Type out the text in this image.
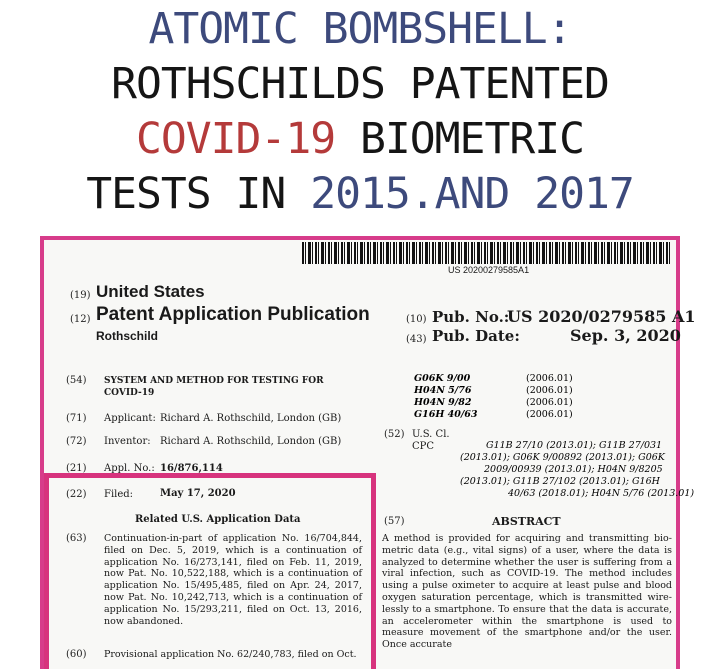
ATOMIC BOMBSHELL:
ROTHSCHILDS PATENTED
COVID-19 BIOMETRIC
TESTS IN 2015.AND 2017
US 20200279585A1
(19) United States
(12) Patent Application Publication
Rothschild
(10) Pub. No.:
US 2020/0279585 A1
(43) Pub. Date:	Sep. 3, 2020
(54) SYSTEM AND METHOD FOR TESTING FOR
COVID-19
(71) Applicant: Richard A. Rothschild, London (GB)
(72) Inventor: Richard A. Rothschild, London (GB)
(21) Appl. No.: 16/876,114
(22) Filed:	May 17, 2020
Related U.S. Application Data
(63) Continuation-in-part of application No. 16/704,844, filed on Dec. 5, 2019, which is a continuation of application No. 16/273,141, filed on Feb. 11, 2019, now Pat. No. 10,522,188, which is a continuation of application No. 15/495,485, filed on Apr. 24, 2017, now Pat. No. 10,242,713, which is a continuation of application No. 15/293,211, filed on Oct. 13, 2016, now abandoned.
(60) Provisional application No. 62/240,783, filed on Oct.
G06K 9/00	(2006.01)
H04N 5/76	(2006.01)
H04N 9/82	(2006.01)
G16H 40/63	(2006.01)
(52) U.S. Cl.
CPC	G11B 27/10 (2013.01); G11B 27/031
(2013.01); G06K 9/00892 (2013.01); G06K
2009/00939 (2013.01); H04N 9/8205
(2013.01); G11B 27/102 (2013.01); G16H
40/63 (2018.01); H04N 5/76 (2013.01)
(57)	ABSTRACT
A method is provided for acquiring and transmitting bio-metric data (e.g., vital signs) of a user, where the data is analyzed to determine whether the user is suffering from a viral infection, such as COVID-19. The method includes using a pulse oximeter to acquire at least pulse and blood oxygen saturation percentage, which is transmitted wire-lessly to a smartphone. To ensure that the data is accurate, an accelerometer within the smartphone is used to measure movement of the smartphone and/or the user. Once accurate
